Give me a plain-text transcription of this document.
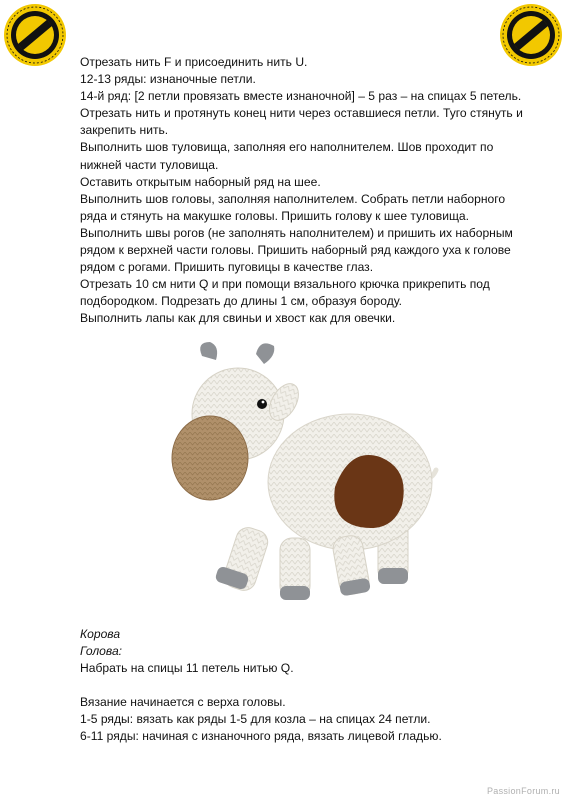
Отрезать нить F и присоединить нить U.

12-13 ряды: изнаночные петли.

14-й ряд: [2 петли провязать вместе изнаночной] – 5 раз – на спицах 5 петель.

Отрезать нить и протянуть конец нити через оставшиеся петли. Туго стянуть и

закрепить нить.

Выполнить шов туловища, заполняя его наполнителем. Шов проходит по

нижней части туловища.

Оставить открытым наборный ряд на шее.

Выполнить шов головы, заполняя наполнителем. Собрать петли наборного

ряда и стянуть на макушке головы. Пришить голову к шее туловища.

Выполнить швы рогов (не заполнять наполнителем) и пришить их наборным

рядом к верхней части головы. Пришить наборный ряд каждого уха к голове

рядом с рогами. Пришить пуговицы в качестве глаз.

Отрезать 10 см нити Q и при помощи вязального крючка прикрепить под

подбородком. Подрезать до длины 1 см, образуя бороду.

Выполнить лапы как для свиньи и хвост как для овечки.

Корова

Голова:

Набрать на спицы 11 петель нитью Q.

Вязание начинается с верха головы.

1-5 ряды: вязать как ряды 1-5 для козла – на спицах 24 петли.

6-11 ряды: начиная с изнаночного ряда, вязать лицевой гладью.

PassionForum.ru
